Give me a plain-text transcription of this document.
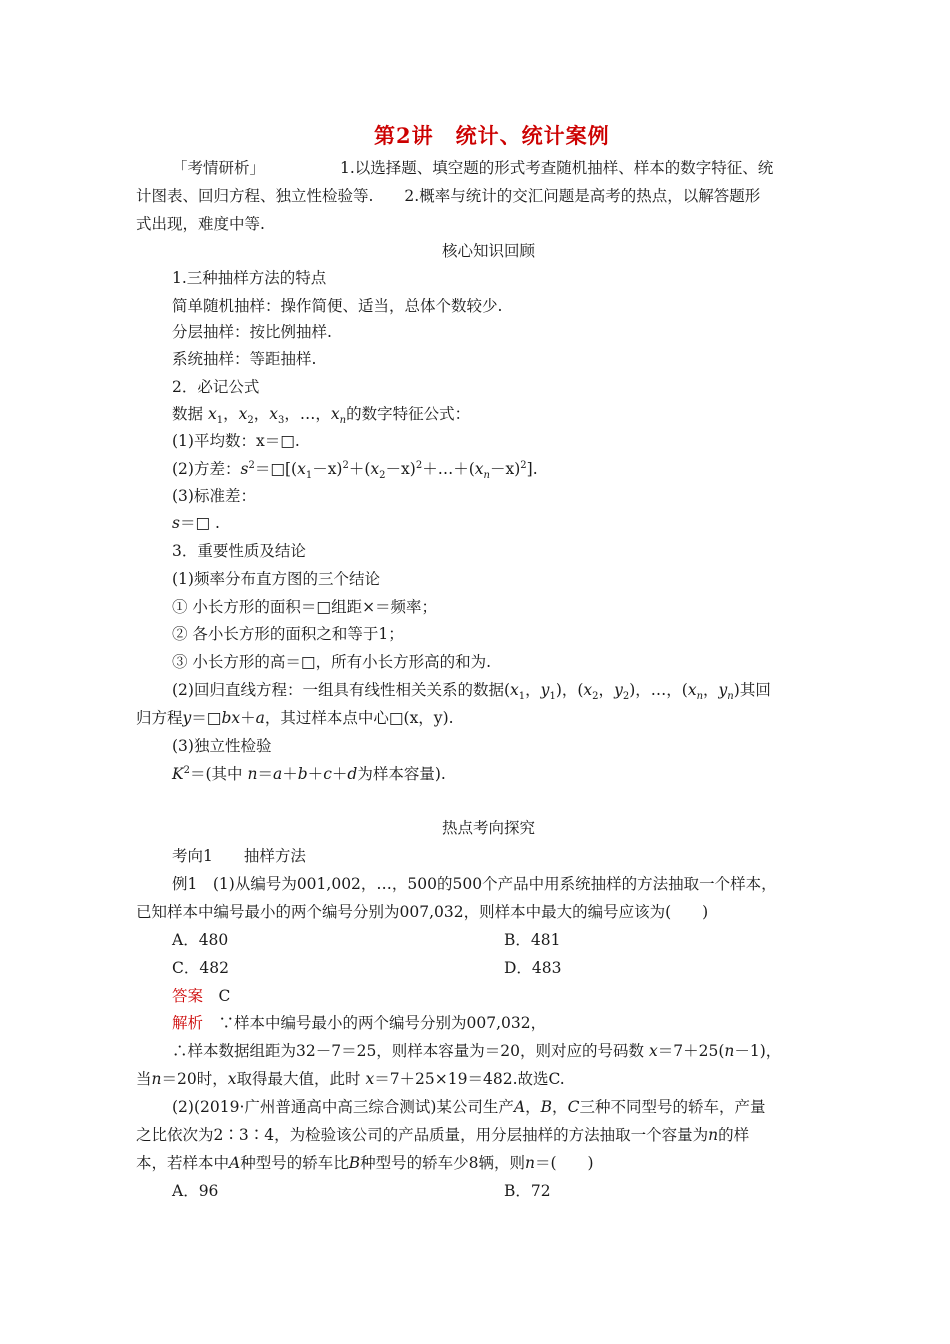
第2讲　统计、统计案例
「考情研析」	1.以选择题、填空题的形式考查随机抽样、样本的数字特征、统
计图表、回归方程、独立性检验等.　　2.概率与统计的交汇问题是高考的热点，以解答题形
式出现，难度中等.
核心知识回顾
1.三种抽样方法的特点
简单随机抽样：操作简便、适当，总体个数较少.
分层抽样：按比例抽样.
系统抽样：等距抽样.
2．必记公式
数据 $x_1$，$x_2$，$x_3$，…，$x_n$的数字特征公式：
(1)平均数：x＝□.
(2)方差：$s^2=□[(x_1-x)^2+(x_2-x)^2+\dots+(x_n-x)^2]$.
(3)标准差：
s＝□ .
3．重要性质及结论
(1)频率分布直方图的三个结论
① 小长方形的面积＝□组距×＝频率；
② 各小长方形的面积之和等于1；
③ 小长方形的高＝□，所有小长方形高的和为.
(2)回归直线方程：一组具有线性相关关系的数据($x_1$，$y_1$)，($x_2$，$y_2$)，…，($x_n$，$y_n$)其回
归方程y＝□bx＋a，其过样本点中心□(x，y).
(3)独立性检验
$K^2=$(其中 n＝a＋b＋c＋d为样本容量).
热点考向探究
考向1　　抽样方法
例1　(1)从编号为001,002，…，500的500个产品中用系统抽样的方法抽取一个样本，
已知样本中编号最小的两个编号分别为007,032，则样本中最大的编号应该为(　　)
A．480	B．481
C．482	D．483
答案　 C
解析　 ∵样本中编号最小的两个编号分别为007,032，
∴样本数据组距为32－7＝25，则样本容量为＝20，则对应的号码数 x＝7＋25(n－1)，
当n＝20时，x取得最大值，此时 x＝7＋25×19＝482.故选C.
(2)(2019·广州普通高中高三综合测试)某公司生产A，B，C三种不同型号的轿车，产量
之比依次为2∶3∶4，为检验该公司的产品质量，用分层抽样的方法抽取一个容量为n的样
本，若样本中A种型号的轿车比B种型号的轿车少8辆，则n＝(　　)
A．96	B．72
